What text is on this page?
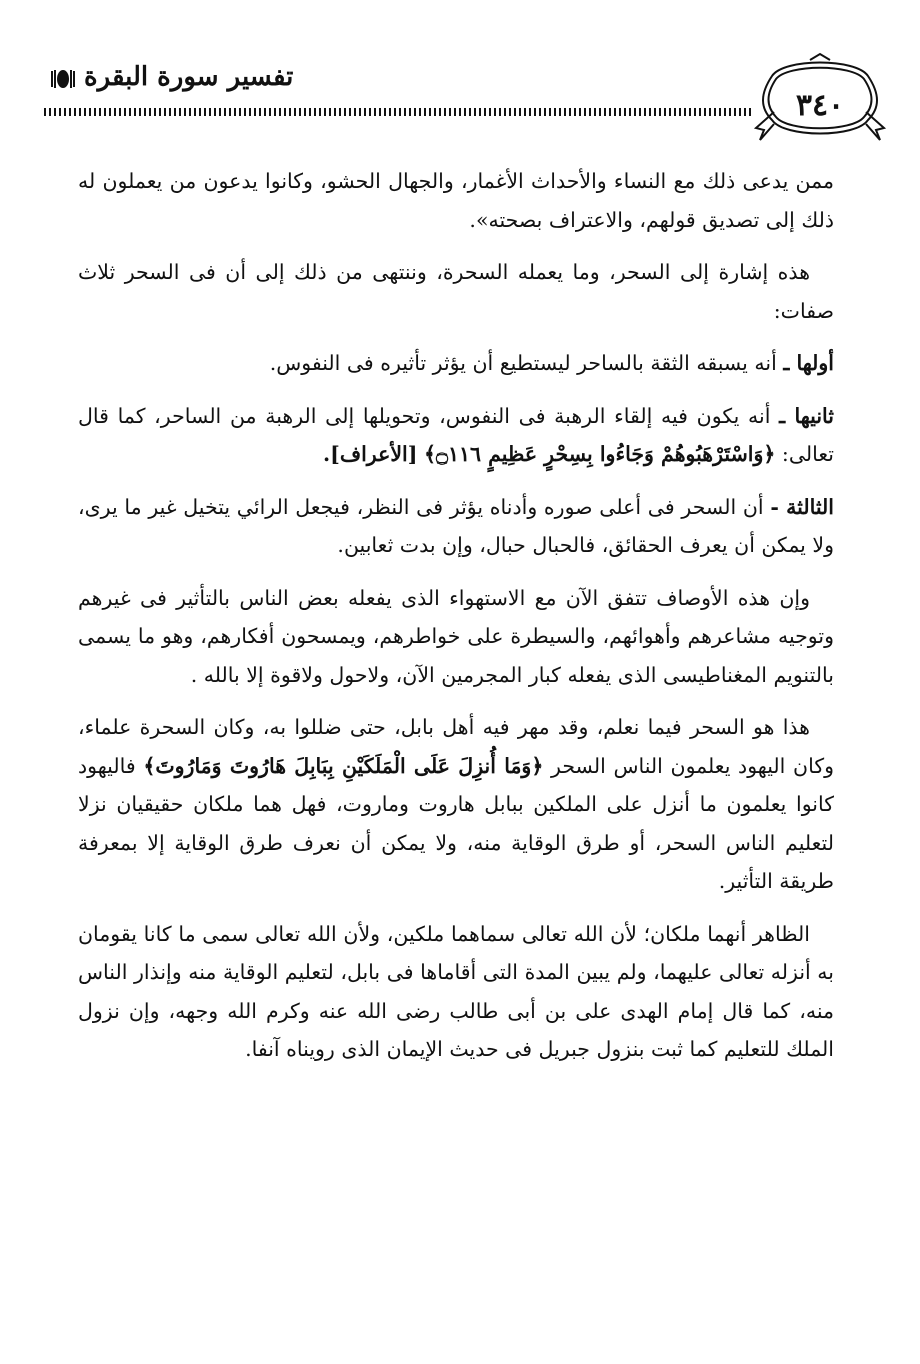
تفسير سورة البقرة
٣٤٠

ممن يدعى ذلك مع النساء والأحداث الأغمار، والجهال الحشو، وكانوا يدعون من يعملون له ذلك إلى تصديق قولهم، والاعتراف بصحته».

هذه إشارة إلى السحر، وما يعمله السحرة، وننتهى من ذلك إلى أن فى السحر ثلاث صفات:

أولها ـ أنه يسبقه الثقة بالساحر ليستطيع أن يؤثر تأثيره فى النفوس.

ثانيها ـ أنه يكون فيه إلقاء الرهبة فى النفوس، وتحويلها إلى الرهبة من الساحر، كما قال تعالى: ﴿وَاسْتَرْهَبُوهُمْ وَجَاءُوا بِسِحْرٍ عَظِيمٍ ۝١١٦﴾ [الأعراف].

الثالثة - أن السحر فى أعلى صوره وأدناه يؤثر فى النظر، فيجعل الرائي يتخيل غير ما يرى، ولا يمكن أن يعرف الحقائق، فالحبال حبال، وإن بدت ثعابين.

وإن هذه الأوصاف تتفق الآن مع الاستهواء الذى يفعله بعض الناس بالتأثير فى غيرهم وتوجيه مشاعرهم وأهوائهم، والسيطرة على خواطرهم، ويمسحون أفكارهم، وهو ما يسمى بالتنويم المغناطيسى الذى يفعله كبار المجرمين الآن، ولاحول ولاقوة إلا بالله .

هذا هو السحر فيما نعلم، وقد مهر فيه أهل بابل، حتى ضللوا به، وكان السحرة علماء، وكان اليهود يعلمون الناس السحر ﴿وَمَا أُنزِلَ عَلَى الْمَلَكَيْنِ بِبَابِلَ هَارُوتَ وَمَارُوتَ﴾ فاليهود كانوا يعلمون ما أنزل على الملكين ببابل هاروت وماروت، فهل هما ملكان حقيقيان نزلا لتعليم الناس السحر، أو طرق الوقاية منه، ولا يمكن أن نعرف طرق الوقاية إلا بمعرفة طريقة التأثير.

الظاهر أنهما ملكان؛ لأن الله تعالى سماهما ملكين، ولأن الله تعالى سمى ما كانا يقومان به أنزله تعالى عليهما، ولم يبين المدة التى أقاماها فى بابل، لتعليم الوقاية منه وإنذار الناس منه، كما قال إمام الهدى على بن أبى طالب رضى الله عنه وكرم الله وجهه، وإن نزول الملك للتعليم كما ثبت بنزول جبريل فى حديث الإيمان الذى رويناه آنفا.
